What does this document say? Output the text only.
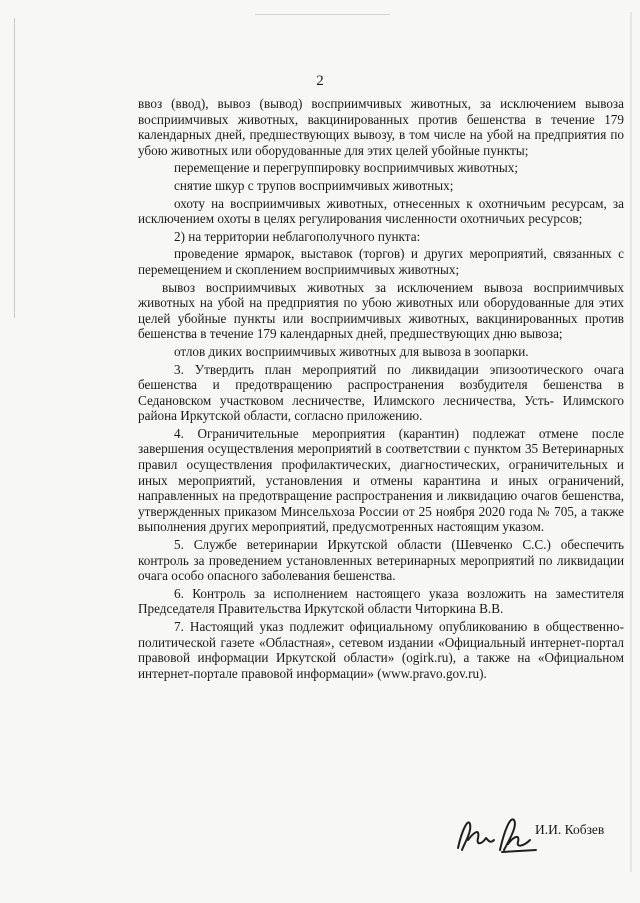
2

ввоз (ввод), вывоз (вывод) восприимчивых животных, за исключением вывоза восприимчивых животных, вакцинированных против бешенства в течение 179 календарных дней, предшествующих вывозу, в том числе на убой на предприятия по убою животных или оборудованные для этих целей убойные пункты;

перемещение и перегруппировку восприимчивых животных;

снятие шкур с трупов восприимчивых животных;

охоту на восприимчивых животных, отнесенных к охотничьим ресурсам, за исключением охоты в целях регулирования численности охотничьих ресурсов;

2) на территории неблагополучного пункта:

проведение ярмарок, выставок (торгов) и других мероприятий, связанных с перемещением и скоплением восприимчивых животных;

вывоз восприимчивых животных за исключением вывоза восприимчивых животных на убой на предприятия по убою животных или оборудованные для этих целей убойные пункты или восприимчивых животных, вакцинированных против бешенства в течение 179 календарных дней, предшествующих дню вывоза;

отлов диких восприимчивых животных для вывоза в зоопарки.

3. Утвердить план мероприятий по ликвидации эпизоотического очага бешенства и предотвращению распространения возбудителя бешенства в Седановском участковом лесничестве, Илимского лесничества, Усть- Илимского района Иркутской области, согласно приложению.

4. Ограничительные мероприятия (карантин) подлежат отмене после завершения осуществления мероприятий в соответствии с пунктом 35 Ветеринарных правил осуществления профилактических, диагностических, ограничительных и иных мероприятий, установления и отмены карантина и иных ограничений, направленных на предотвращение распространения и ликвидацию очагов бешенства, утвержденных приказом Минсельхоза России от 25 ноября 2020 года № 705, а также выполнения других мероприятий, предусмотренных настоящим указом.

5. Службе ветеринарии Иркутской области (Шевченко С.С.) обеспечить контроль за проведением установленных ветеринарных мероприятий по ликвидации очага особо опасного заболевания бешенства.

6. Контроль за исполнением настоящего указа возложить на заместителя Председателя Правительства Иркутской области Читоркина В.В.

7. Настоящий указ подлежит официальному опубликованию в общественно-политической газете «Областная», сетевом издании «Официальный интернет-портал правовой информации Иркутской области» (ogirk.ru), а также на «Официальном интернет-портале правовой информации» (www.pravo.gov.ru).

И.И. Кобзев
